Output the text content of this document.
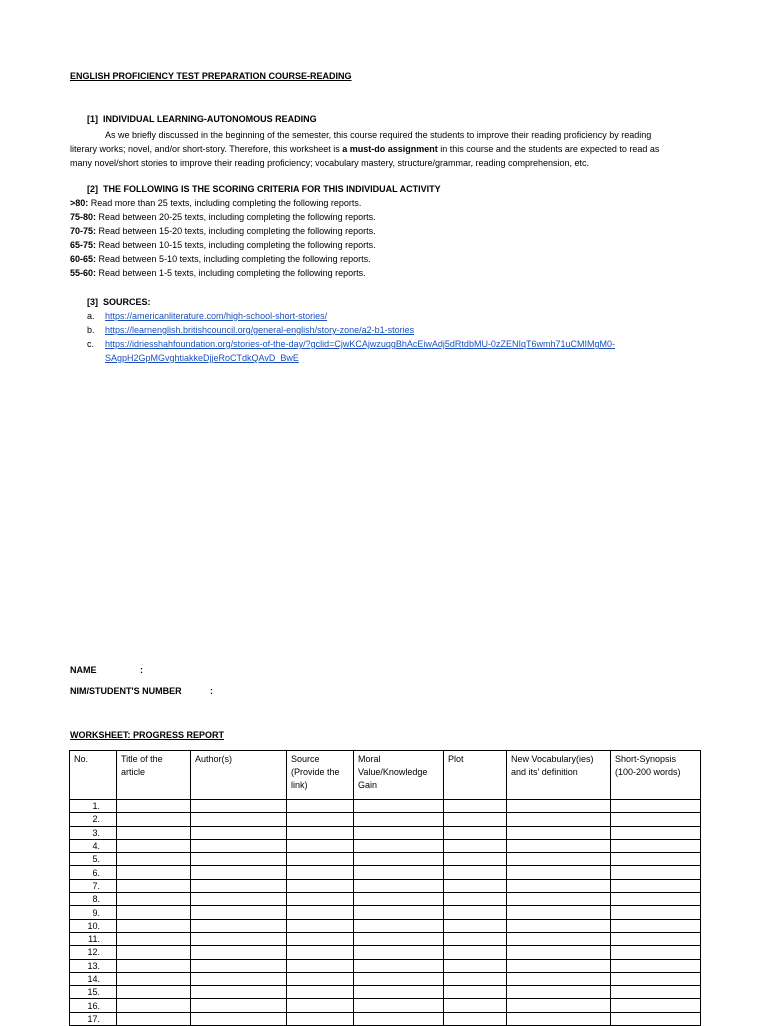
ENGLISH PROFICIENCY TEST PREPARATION COURSE-READING
[1] INDIVIDUAL LEARNING-AUTONOMOUS READING
As we briefly discussed in the beginning of the semester, this course required the students to improve their reading proficiency by reading literary works; novel, and/or short-story. Therefore, this worksheet is a must-do assignment in this course and the students are expected to read as many novel/short stories to improve their reading proficiency; vocabulary mastery, structure/grammar, reading comprehension, etc.
[2] THE FOLLOWING IS THE SCORING CRITERIA FOR THIS INDIVIDUAL ACTIVITY
>80: Read more than 25 texts, including completing the following reports.
75-80: Read between 20-25 texts, including completing the following reports.
70-75: Read between 15-20 texts, including completing the following reports.
65-75: Read between 10-15 texts, including completing the following reports.
60-65: Read between 5-10 texts, including completing the following reports.
55-60: Read between 1-5 texts, including completing the following reports.
[3] SOURCES:
a. https://americanliterature.com/high-school-short-stories/
b. https://learnenglish.britishcouncil.org/general-english/story-zone/a2-b1-stories
c. https://idriesshahfoundation.org/stories-of-the-day/?gclid=CjwKCAjwzuqgBhAcEiwAdj5dRtdbMU-0zZENIqT6wmh71uCMIMgM0-
SAgpH2GpMGvghtiakkeDjjeRoCTdkQAvD_BwE
NAME	:
NIM/STUDENT'S NUMBER	:
WORKSHEET: PROGRESS REPORT
No.	Title of the article	Author(s)	Source (Provide the link)	Moral Value/Knowledge Gain	Plot	New Vocabulary(ies) and its' definition	Short-Synopsis (100-200 words)
1.							
2.							
3.							
4.							
5.							
6.							
7.							
8.							
9.							
10.							
11.							
12.							
13.							
14.							
15.							
16.							
17.							
